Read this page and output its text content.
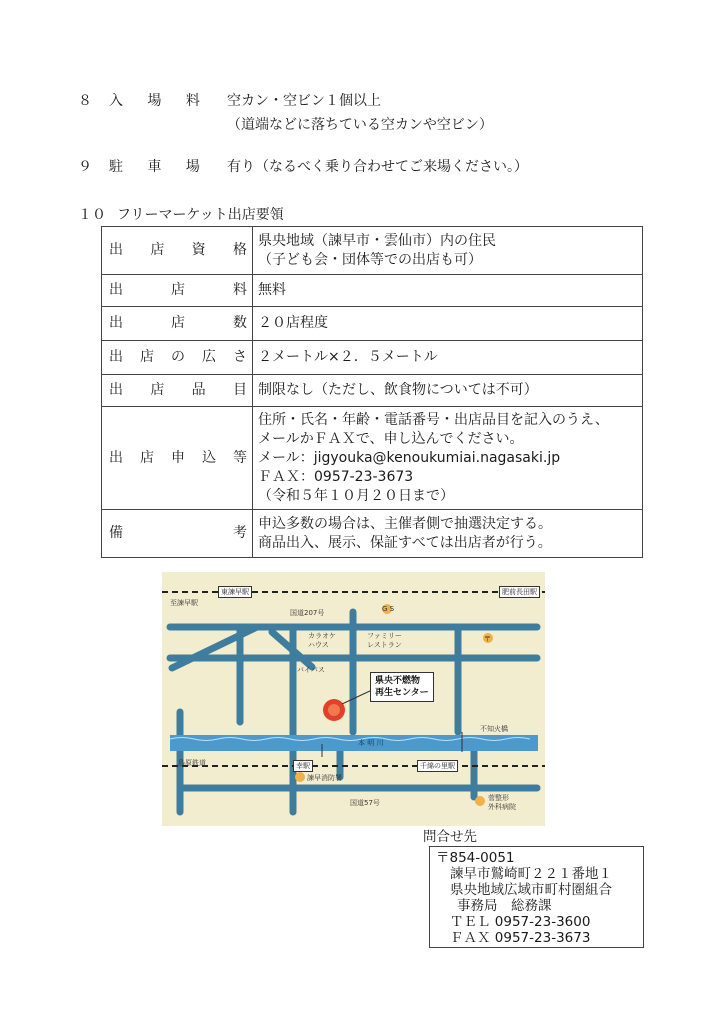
８ 入 場 料 空カン・空ビン１個以上
（道端などに落ちている空カンや空ビン）
９ 駐 車 場 有り（なるべく乗り合わせてご来場ください。）
１０ フリーマーケット出店要領
出店資格	県央地域（諫早市・雲仙市）内の住民
（子ども会・団体等での出店も可）

出店料	無料

出店数	２０店程度

出店の広さ	２メートル×２．５メートル

出店品目	制限なし（ただし、飲食物については不可）

出店申込等	住所・氏名・年齢・電話番号・出店品目を記入のうえ、
メールかＦＡＸで、申し込んでください。
メール：jigyouka@kenoukumiai.nagasaki.jp
ＦＡＸ：0957-23-3673
（令和５年１０月２０日まで）

備考	申込多数の場合は、主催者側で抽選決定する。
商品出入、展示、保証すべては出店者が行う。
東諫早駅	肥前長田駅
幸駅	千綿の里駅
至諫早駅
国道207号	G S
カラオケ
ハウス
ファミリー
レストラン
〒
バイパス
不知火橋
本 明 川
島原鉄道
諫早消防署
国道57号
菅整形
外科病院
県央不燃物
再生センター
問合せ先
〒854-0051
諫早市鷲崎町２２１番地１
県央地域広域市町村圏組合
事務局　総務課
ＴＥＬ 0957-23-3600
ＦＡＸ 0957-23-3673
